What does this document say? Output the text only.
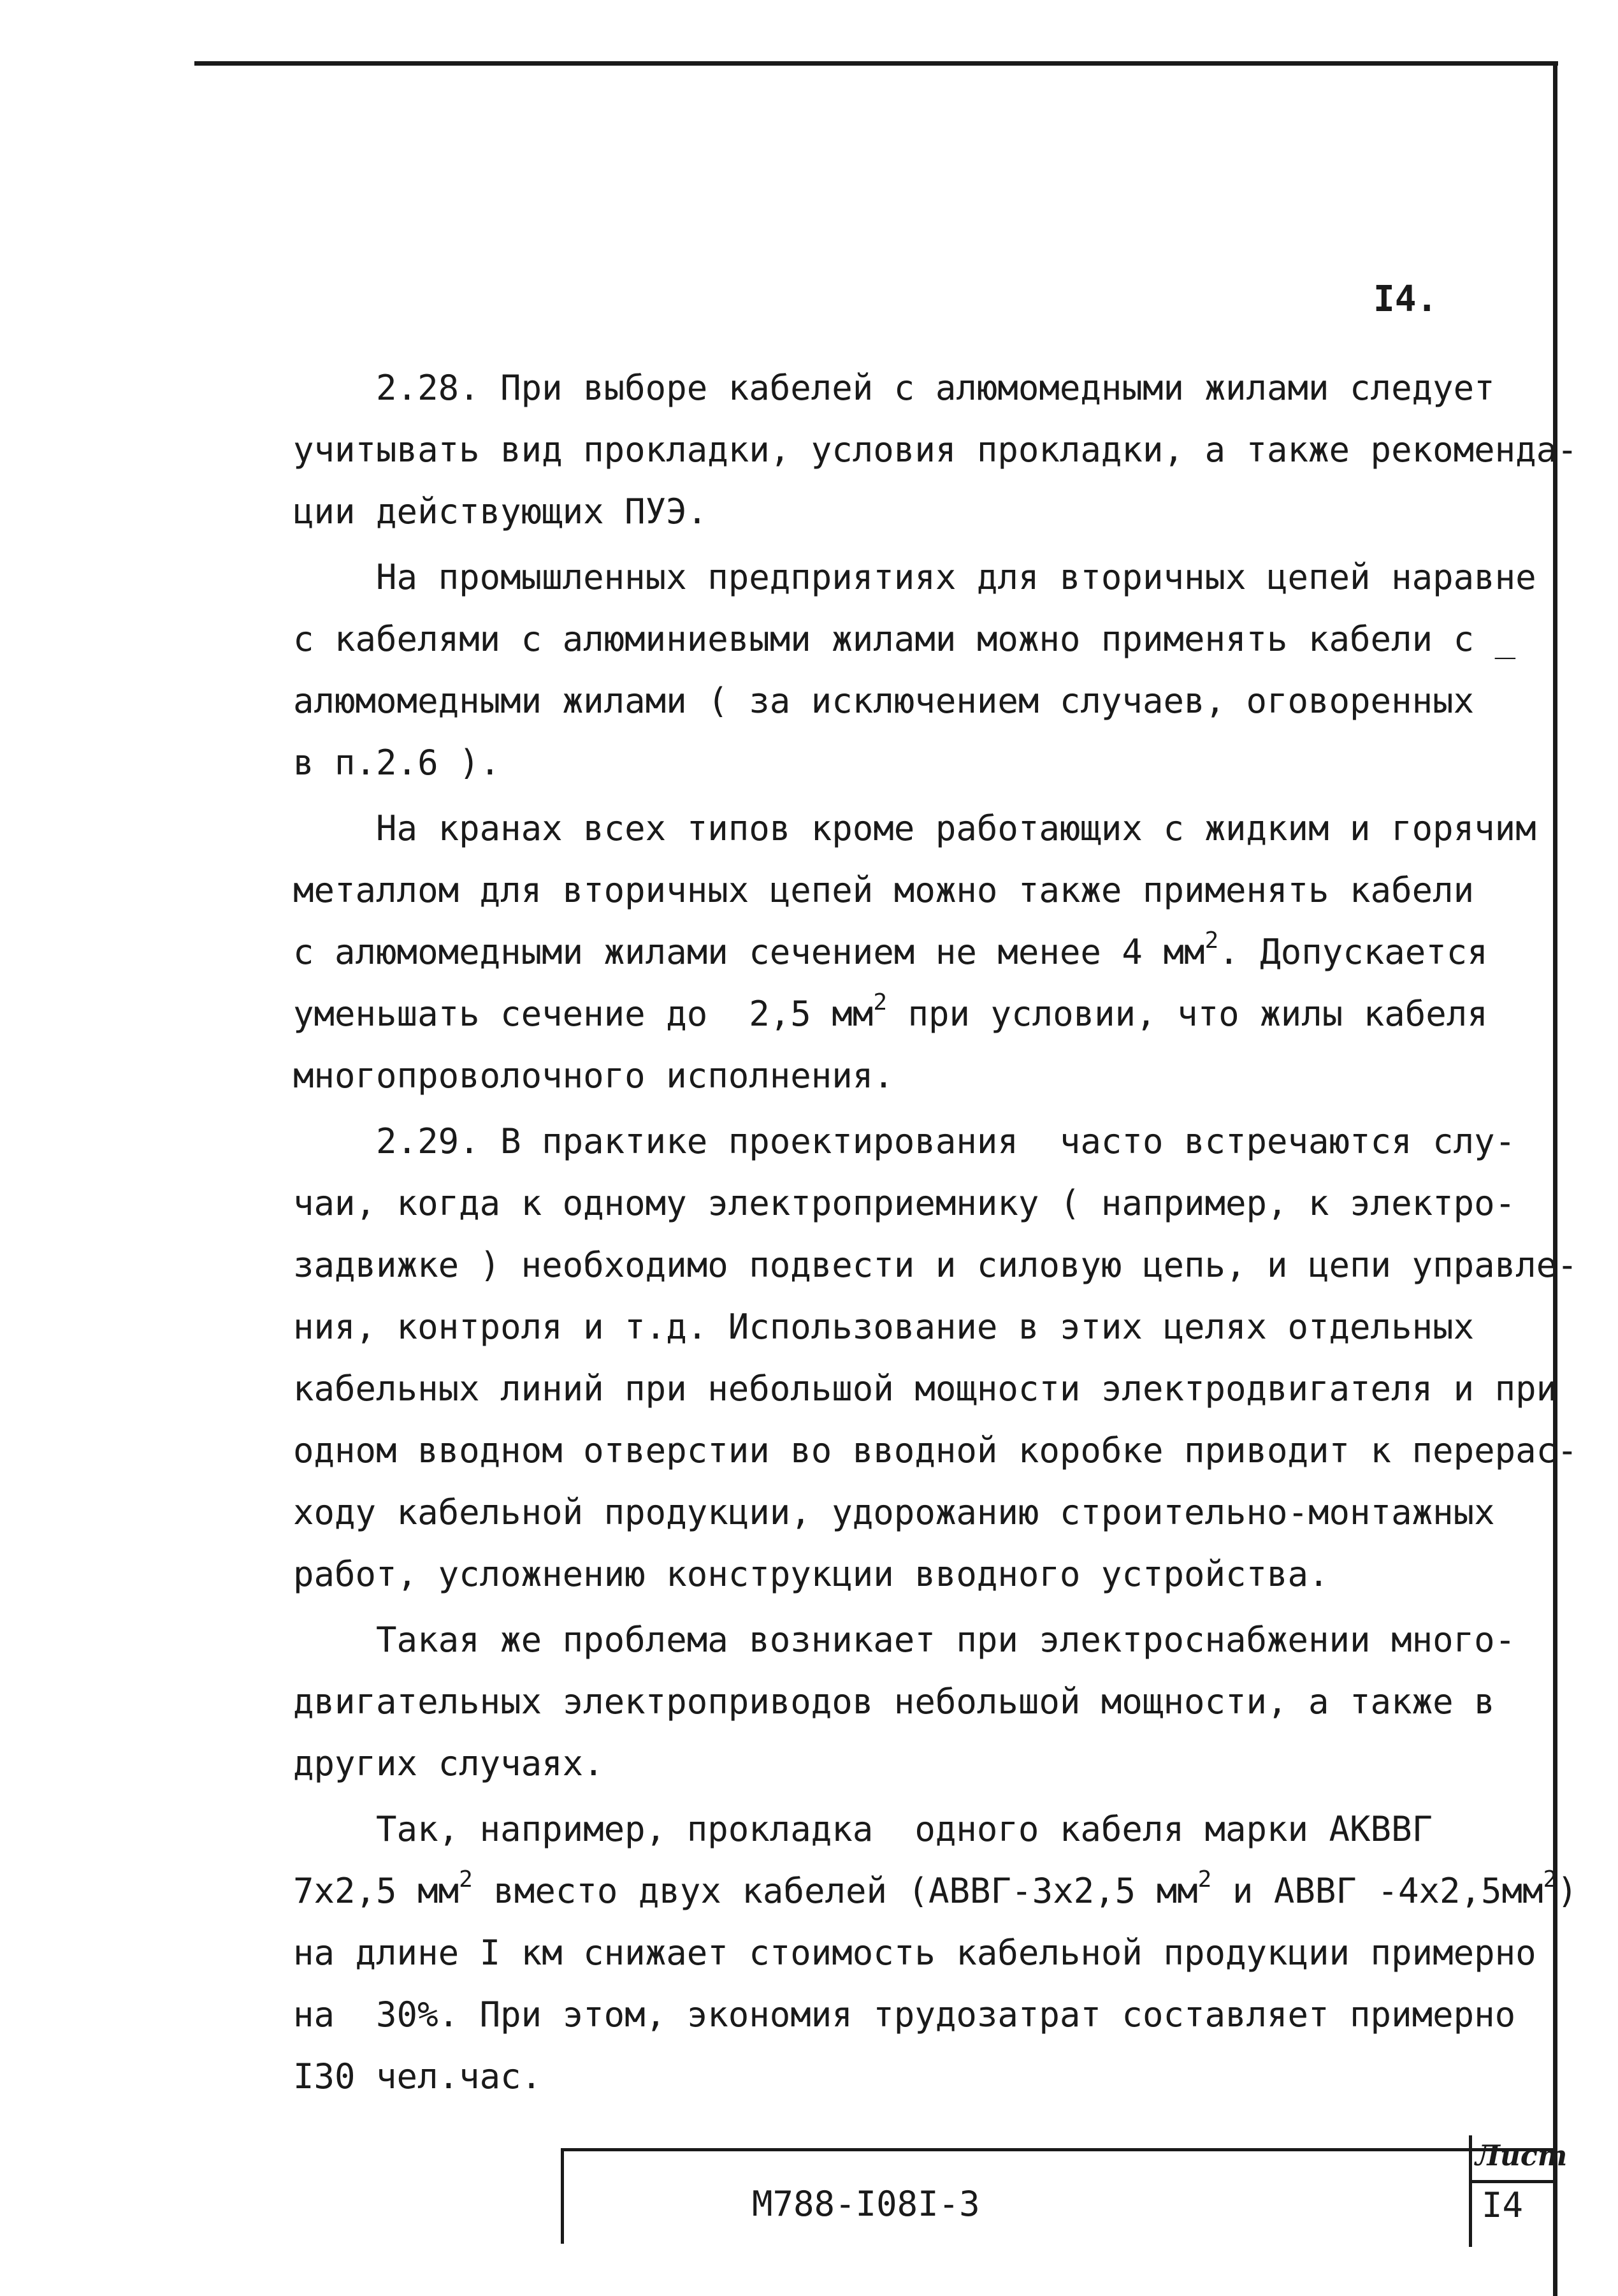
I4.

2.28. При выборе кабелей с алюмомедными жилами следует
учитывать вид прокладки, условия прокладки, а также рекоменда-
ции действующих ПУЭ.
На промышленных предприятиях для вторичных цепей наравне
с кабелями с алюминиевыми жилами можно применять кабели с _
алюмомедными жилами ( за исключением случаев, оговоренных
в п.2.6 ).
На кранах всех типов кроме работающих с жидким и горячим
металлом для вторичных цепей можно также применять кабели
с алюмомедными жилами сечением не менее 4 $мм^2$. Допускается
уменьшать сечение до  2,5 $мм^2$ при условии, что жилы кабеля
многопроволочного исполнения.
2.29. В практике проектирования  часто встречаются слу-
чаи, когда к одному электроприемнику ( например, к электро-
задвижке ) необходимо подвести и силовую цепь, и цепи управле-
ния, контроля и т.д. Использование в этих целях отдельных
кабельных линий при небольшой мощности электродвигателя и при
одном вводном отверстии во вводной коробке приводит к перерас-
ходу кабельной продукции, удорожанию строительно-монтажных
работ, усложнению конструкции вводного устройства.
Такая же проблема возникает при электроснабжении много-
двигательных электроприводов небольшой мощности, а также в
других случаях.
Так, например, прокладка  одного кабеля марки АКВВГ
7х2,5 $мм^2$ вместо двух кабелей (АВВГ-3х2,5 $мм^2$ и АВВГ $-4х2,5мм^2$)
на длине I км снижает стоимость кабельной продукции примерно
на  30%. При этом, экономия трудозатрат составляет примерно
I30 чел.час.
М788-I08I-3
Лист
I4
